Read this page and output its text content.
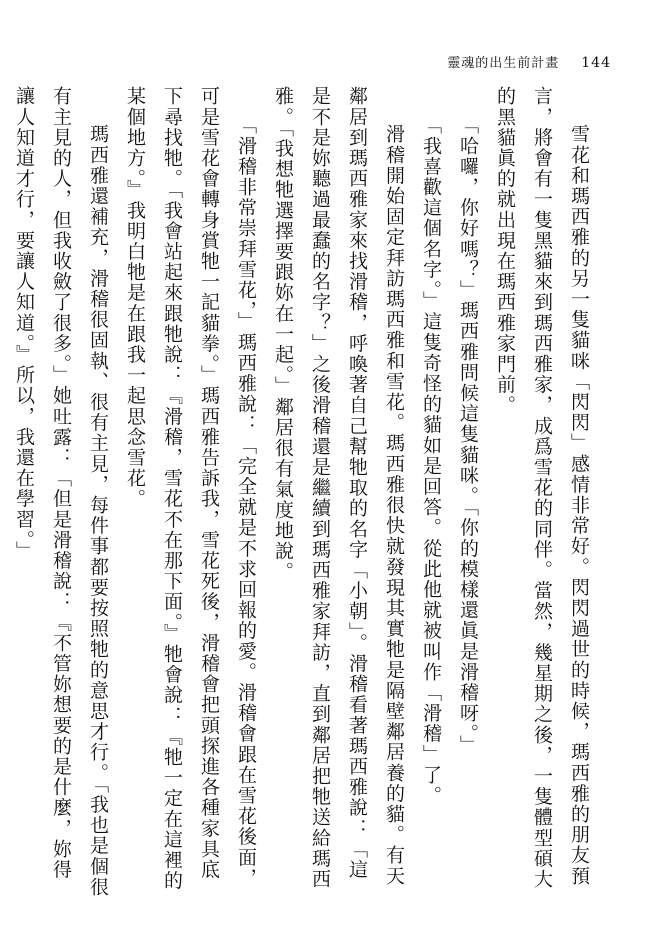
靈魂的出生前計畫 144

雪花和瑪西雅的另一隻貓咪「閃閃」感情非常好。閃閃過世的時候，瑪西雅的朋友預言，將會有一隻黑貓來到瑪西雅家，成爲雪花的同伴。當然，幾星期之後，一隻體型碩大的黑貓眞的就出現在瑪西雅家門前。

「哈囉，你好嗎？」瑪西雅問候這隻貓咪。「你的模樣還眞是滑稽呀。」

「我喜歡這個名字。」這隻奇怪的貓如是回答。從此他就被叫作「滑稽」了。

滑稽開始固定拜訪瑪西雅和雪花。瑪西雅很快就發現其實牠是隔壁鄰居養的貓。有天鄰居到瑪西雅家來找滑稽，呼喚著自己幫牠取的名字「小朝」。滑稽看著瑪西雅說：「這是不是妳聽過最蠢的名字？」之後滑稽還是繼續到瑪西雅家拜訪，直到鄰居把牠送給瑪西雅。「我想牠選擇要跟妳在一起。」鄰居很有氣度地說。

「滑稽非常崇拜雪花，」瑪西雅說：「完全就是不求回報的愛。滑稽會跟在雪花後面，可是雪花會轉身賞牠一記貓拳。」瑪西雅告訴我，雪花死後，滑稽會把頭探進各種家具底下尋找牠。「我會站起來跟牠說：『滑稽，雪花不在那下面。』牠會說：『牠一定在這裡的某個地方。』我明白牠是在跟我一起思念雪花。

瑪西雅還補充，滑稽很固執、很有主見，每件事都要按照牠的意思才行。「我也是個很有主見的人，但我收斂了很多。」她吐露：「但是滑稽說：『不管妳想要的是什麼，妳得讓人知道才行，要讓人知道。』所以，我還在學習。」
